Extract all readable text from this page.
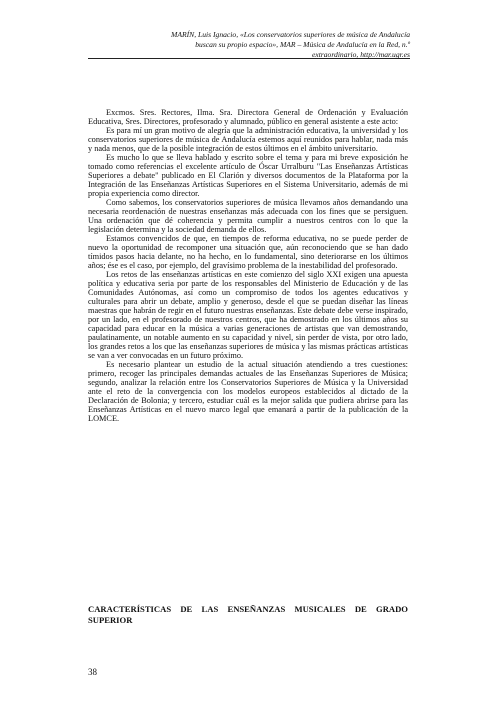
MARÍN, Luis Ignacio, «Los conservatorios superiores de música de Andalucía buscan su propio espacio», MAR – Música de Andalucía en la Red, n.º extraordinario, http://mar.ugr.es

Excmos. Sres. Rectores, Ilma. Sra. Directora General de Ordenación y Evaluación Educativa, Sres. Directores, profesorado y alumnado, público en general asistente a este acto:

Es para mí un gran motivo de alegría que la administración educativa, la universidad y los conservatorios superiores de música de Andalucía estemos aquí reunidos para hablar, nada más y nada menos, que de la posible integración de estos últimos en el ámbito universitario.

Es mucho lo que se lleva hablado y escrito sobre el tema y para mi breve exposición he tomado como referencias el excelente artículo de Óscar Urralburu "Las Enseñanzas Artísticas Superiores a debate" publicado en El Clarión y diversos documentos de la Plataforma por la Integración de las Enseñanzas Artísticas Superiores en el Sistema Universitario, además de mi propia experiencia como director.

Como sabemos, los conservatorios superiores de música llevamos años demandando una necesaria reordenación de nuestras enseñanzas más adecuada con los fines que se persiguen. Una ordenación que dé coherencia y permita cumplir a nuestros centros con lo que la legislación determina y la sociedad demanda de ellos.

Estamos convencidos de que, en tiempos de reforma educativa, no se puede perder de nuevo la oportunidad de recomponer una situación que, aún reconociendo que se han dado tímidos pasos hacia delante, no ha hecho, en lo fundamental, sino deteriorarse en los últimos años; ése es el caso, por ejemplo, del gravísimo problema de la inestabilidad del profesorado.

Los retos de las enseñanzas artísticas en este comienzo del siglo XXI exigen una apuesta política y educativa seria por parte de los responsables del Ministerio de Educación y de las Comunidades Autónomas, así como un compromiso de todos los agentes educativos y culturales para abrir un debate, amplio y generoso, desde el que se puedan diseñar las líneas maestras que habrán de regir en el futuro nuestras enseñanzas. Este debate debe verse inspirado, por un lado, en el profesorado de nuestros centros, que ha demostrado en los últimos años su capacidad para educar en la música a varias generaciones de artistas que van demostrando, paulatinamente, un notable aumento en su capacidad y nivel, sin perder de vista, por otro lado, los grandes retos a los que las enseñanzas superiores de música y las mismas prácticas artísticas se van a ver convocadas en un futuro próximo.

Es necesario plantear un estudio de la actual situación atendiendo a tres cuestiones: primero, recoger las principales demandas actuales de las Enseñanzas Superiores de Música; segundo, analizar la relación entre los Conservatorios Superiores de Música y la Universidad ante el reto de la convergencia con los modelos europeos establecidos al dictado de la Declaración de Bolonia; y tercero, estudiar cuál es la mejor salida que pudiera abrirse para las Enseñanzas Artísticas en el nuevo marco legal que emanará a partir de la publicación de la LOMCE.

CARACTERÍSTICAS DE LAS ENSEÑANZAS MUSICALES DE GRADO SUPERIOR
38
